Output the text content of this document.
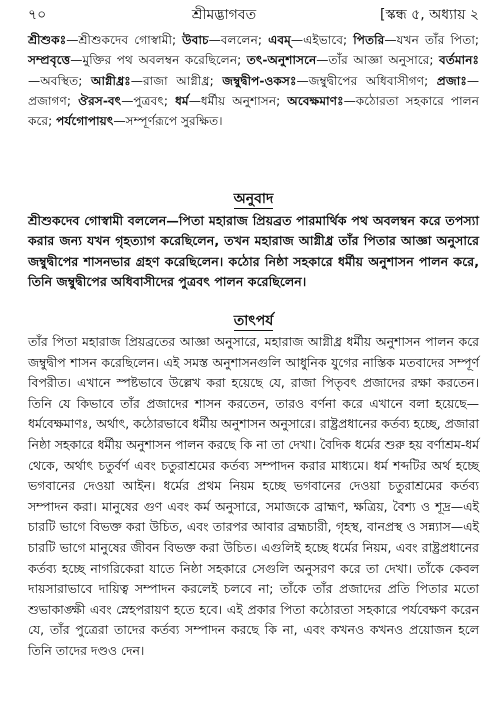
৭০	শ্রীমদ্ভাগবত	[স্কন্ধ ৫, অধ্যায় ২
শ্রীশুকঃ—শ্রীশুকদেব গোস্বামী; উবাচ—বললেন; এবম্—এইভাবে; পিতরি—যখন তাঁর পিতা; সম্প্রবৃত্তে—মুক্তির পথ অবলম্বন করেছিলেন; তৎ-অনুশাসনে—তাঁর আজ্ঞা অনুসারে; বর্তমানঃ—অবস্থিত; আগ্নীধ্রঃ—রাজা আগ্নীধ্র; জম্বুদ্বীপ-ওকসঃ—জম্বুদ্বীপের অধিবাসীগণ; প্রজাঃ—প্রজাগণ; ঔরস-বৎ—পুত্রবৎ; ধর্ম—ধর্মীয় অনুশাসন; অবেক্ষমাণঃ—কঠোরতা সহকারে পালন করে; পর্যগোপায়ৎ—সম্পূর্ণরূপে সুরক্ষিত।
অনুবাদ
শ্রীশুকদেব গোস্বামী বললেন—পিতা মহারাজ প্রিয়ব্রত পারমার্থিক পথ অবলম্বন করে তপস্যা করার জন্য যখন গৃহত্যাগ করেছিলেন, তখন মহারাজ আগ্নীধ্র তাঁর পিতার আজ্ঞা অনুসারে জম্বুদ্বীপের শাসনভার গ্রহণ করেছিলেন। কঠোর নিষ্ঠা সহকারে ধর্মীয় অনুশাসন পালন করে, তিনি জম্বুদ্বীপের অধিবাসীদের পুত্রবৎ পালন করেছিলেন।
তাৎপর্য

তাঁর পিতা মহারাজ প্রিয়ব্রতের আজ্ঞা অনুসারে, মহারাজ আগ্নীধ্র ধর্মীয় অনুশাসন পালন করে জম্বুদ্বীপ শাসন করেছিলেন। এই সমস্ত অনুশাসনগুলি আধুনিক যুগের নাস্তিক মতবাদের সম্পূর্ণ বিপরীত। এখানে স্পষ্টভাবে উল্লেখ করা হয়েছে যে, রাজা পিতৃবৎ প্রজাদের রক্ষা করতেন। তিনি যে কিভাবে তাঁর প্রজাদের শাসন করতেন, তারও বর্ণনা করে এখানে বলা হয়েছে—ধর্মবেক্ষমাণঃ, অর্থাৎ, কঠোরভাবে ধর্মীয় অনুশাসন অনুসারে। রাষ্ট্রপ্রধানের কর্তব্য হচ্ছে, প্রজারা নিষ্ঠা সহকারে ধর্মীয় অনুশাসন পালন করছে কি না তা দেখা। বৈদিক ধর্মের শুরু হয় বর্ণাশ্রম-ধর্ম থেকে, অর্থাৎ চতুর্বর্ণ এবং চতুরাশ্রমের কর্তব্য সম্পাদন করার মাধ্যমে। ধর্ম শব্দটির অর্থ হচ্ছে ভগবানের দেওয়া আইন। ধর্মের প্রথম নিয়ম হচ্ছে ভগবানের দেওয়া চতুরাশ্রমের কর্তব্য সম্পাদন করা। মানুষের গুণ এবং কর্ম অনুসারে, সমাজকে ব্রাহ্মণ, ক্ষত্রিয়, বৈশ্য ও শূদ্র—এই চারটি ভাগে বিভক্ত করা উচিত, এবং তারপর আবার ব্রহ্মচারী, গৃহস্থ, বানপ্রস্থ ও সন্ন্যাস—এই চারটি ভাগে মানুষের জীবন বিভক্ত করা উচিত। এগুলিই হচ্ছে ধর্মের নিয়ম, এবং রাষ্ট্রপ্রধানের কর্তব্য হচ্ছে নাগরিকেরা যাতে নিষ্ঠা সহকারে সেগুলি অনুসরণ করে তা দেখা। তাঁকে কেবল দায়সারাভাবে দায়িত্ব সম্পাদন করলেই চলবে না; তাঁকে তাঁর প্রজাদের প্রতি পিতার মতো শুভাকাঙ্ক্ষী এবং স্নেহপরায়ণ হতে হবে। এই প্রকার পিতা কঠোরতা সহকারে পর্যবেক্ষণ করেন যে, তাঁর পুত্রেরা তাদের কর্তব্য সম্পাদন করছে কি না, এবং কখনও কখনও প্রয়োজন হলে তিনি তাদের দণ্ডও দেন।
